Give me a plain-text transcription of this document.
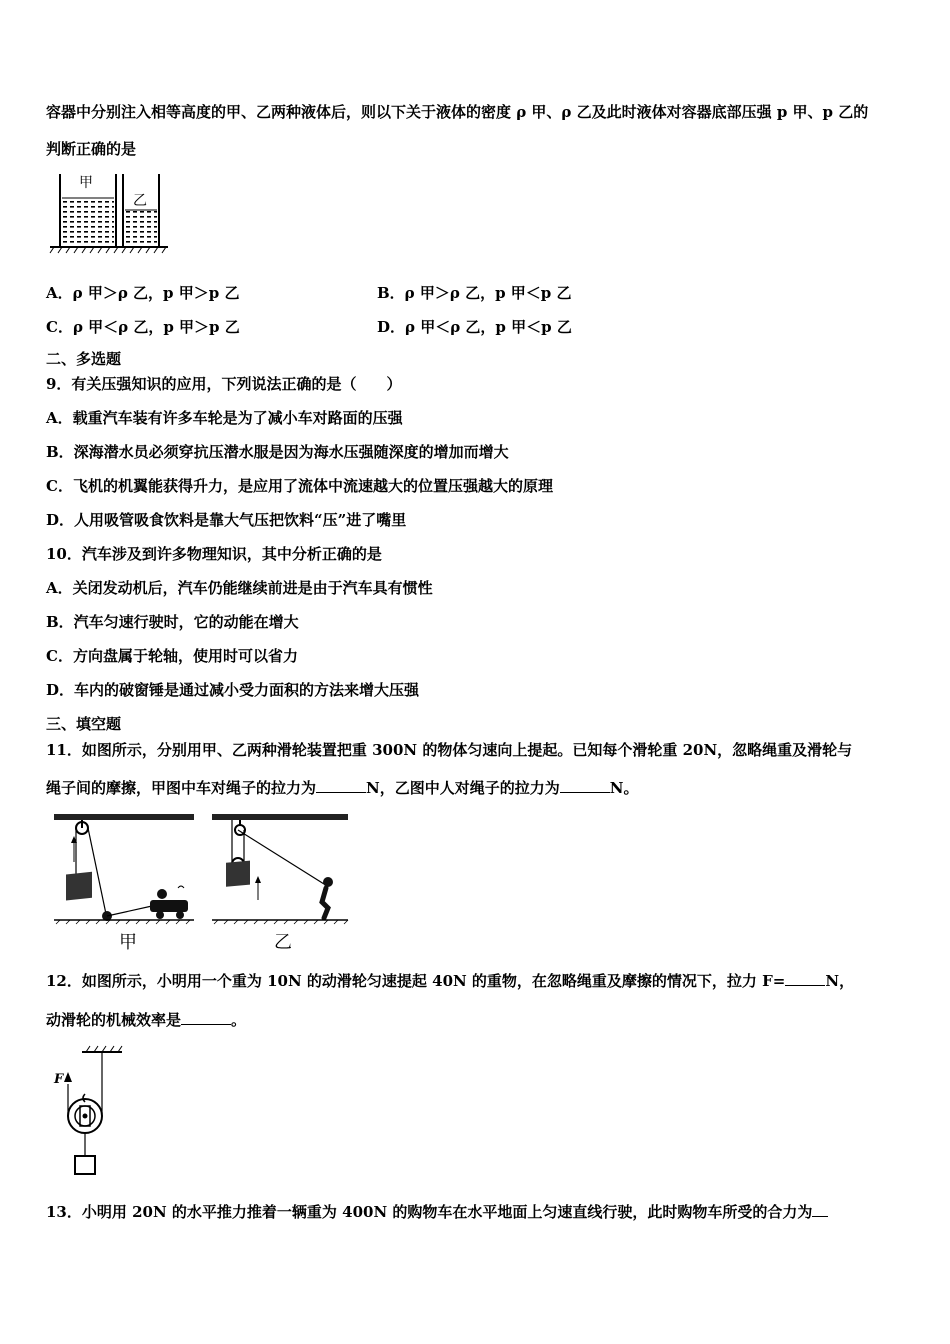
容器中分别注入相等高度的甲、乙两种液体后，则以下关于液体的密度 ρ 甲、ρ 乙及此时液体对容器底部压强 p 甲、p 乙的
判断正确的是
甲
乙
A．ρ 甲＞ρ 乙，p 甲＞p 乙	B．ρ 甲＞ρ 乙，p 甲＜p 乙
C．ρ 甲＜ρ 乙，p 甲＞p 乙	D．ρ 甲＜ρ 乙，p 甲＜p 乙
二、多选题
9．有关压强知识的应用，下列说法正确的是（　　）
A．载重汽车装有许多车轮是为了减小车对路面的压强
B．深海潜水员必须穿抗压潜水服是因为海水压强随深度的增加而增大
C．飞机的机翼能获得升力，是应用了流体中流速越大的位置压强越大的原理
D．人用吸管吸食饮料是靠大气压把饮料“压”进了嘴里
10．汽车涉及到许多物理知识，其中分析正确的是
A．关闭发动机后，汽车仍能继续前进是由于汽车具有惯性
B．汽车匀速行驶时，它的动能在增大
C．方向盘属于轮轴，使用时可以省力
D．车内的破窗锤是通过减小受力面积的方法来增大压强
三、填空题
11．如图所示，分别用甲、乙两种滑轮装置把重 300N 的物体匀速向上提起。已知每个滑轮重 20N，忽略绳重及滑轮与
绳子间的摩擦，甲图中车对绳子的拉力为	N，乙图中人对绳子的拉力为	N。
甲	乙
12．如图所示，小明用一个重为 10N 的动滑轮匀速提起 40N 的重物，在忽略绳重及摩擦的情况下，拉力 F=	N，
动滑轮的机械效率是	。
F
13．小明用 20N 的水平推力推着一辆重为 400N 的购物车在水平地面上匀速直线行驶，此时购物车所受的合力为
